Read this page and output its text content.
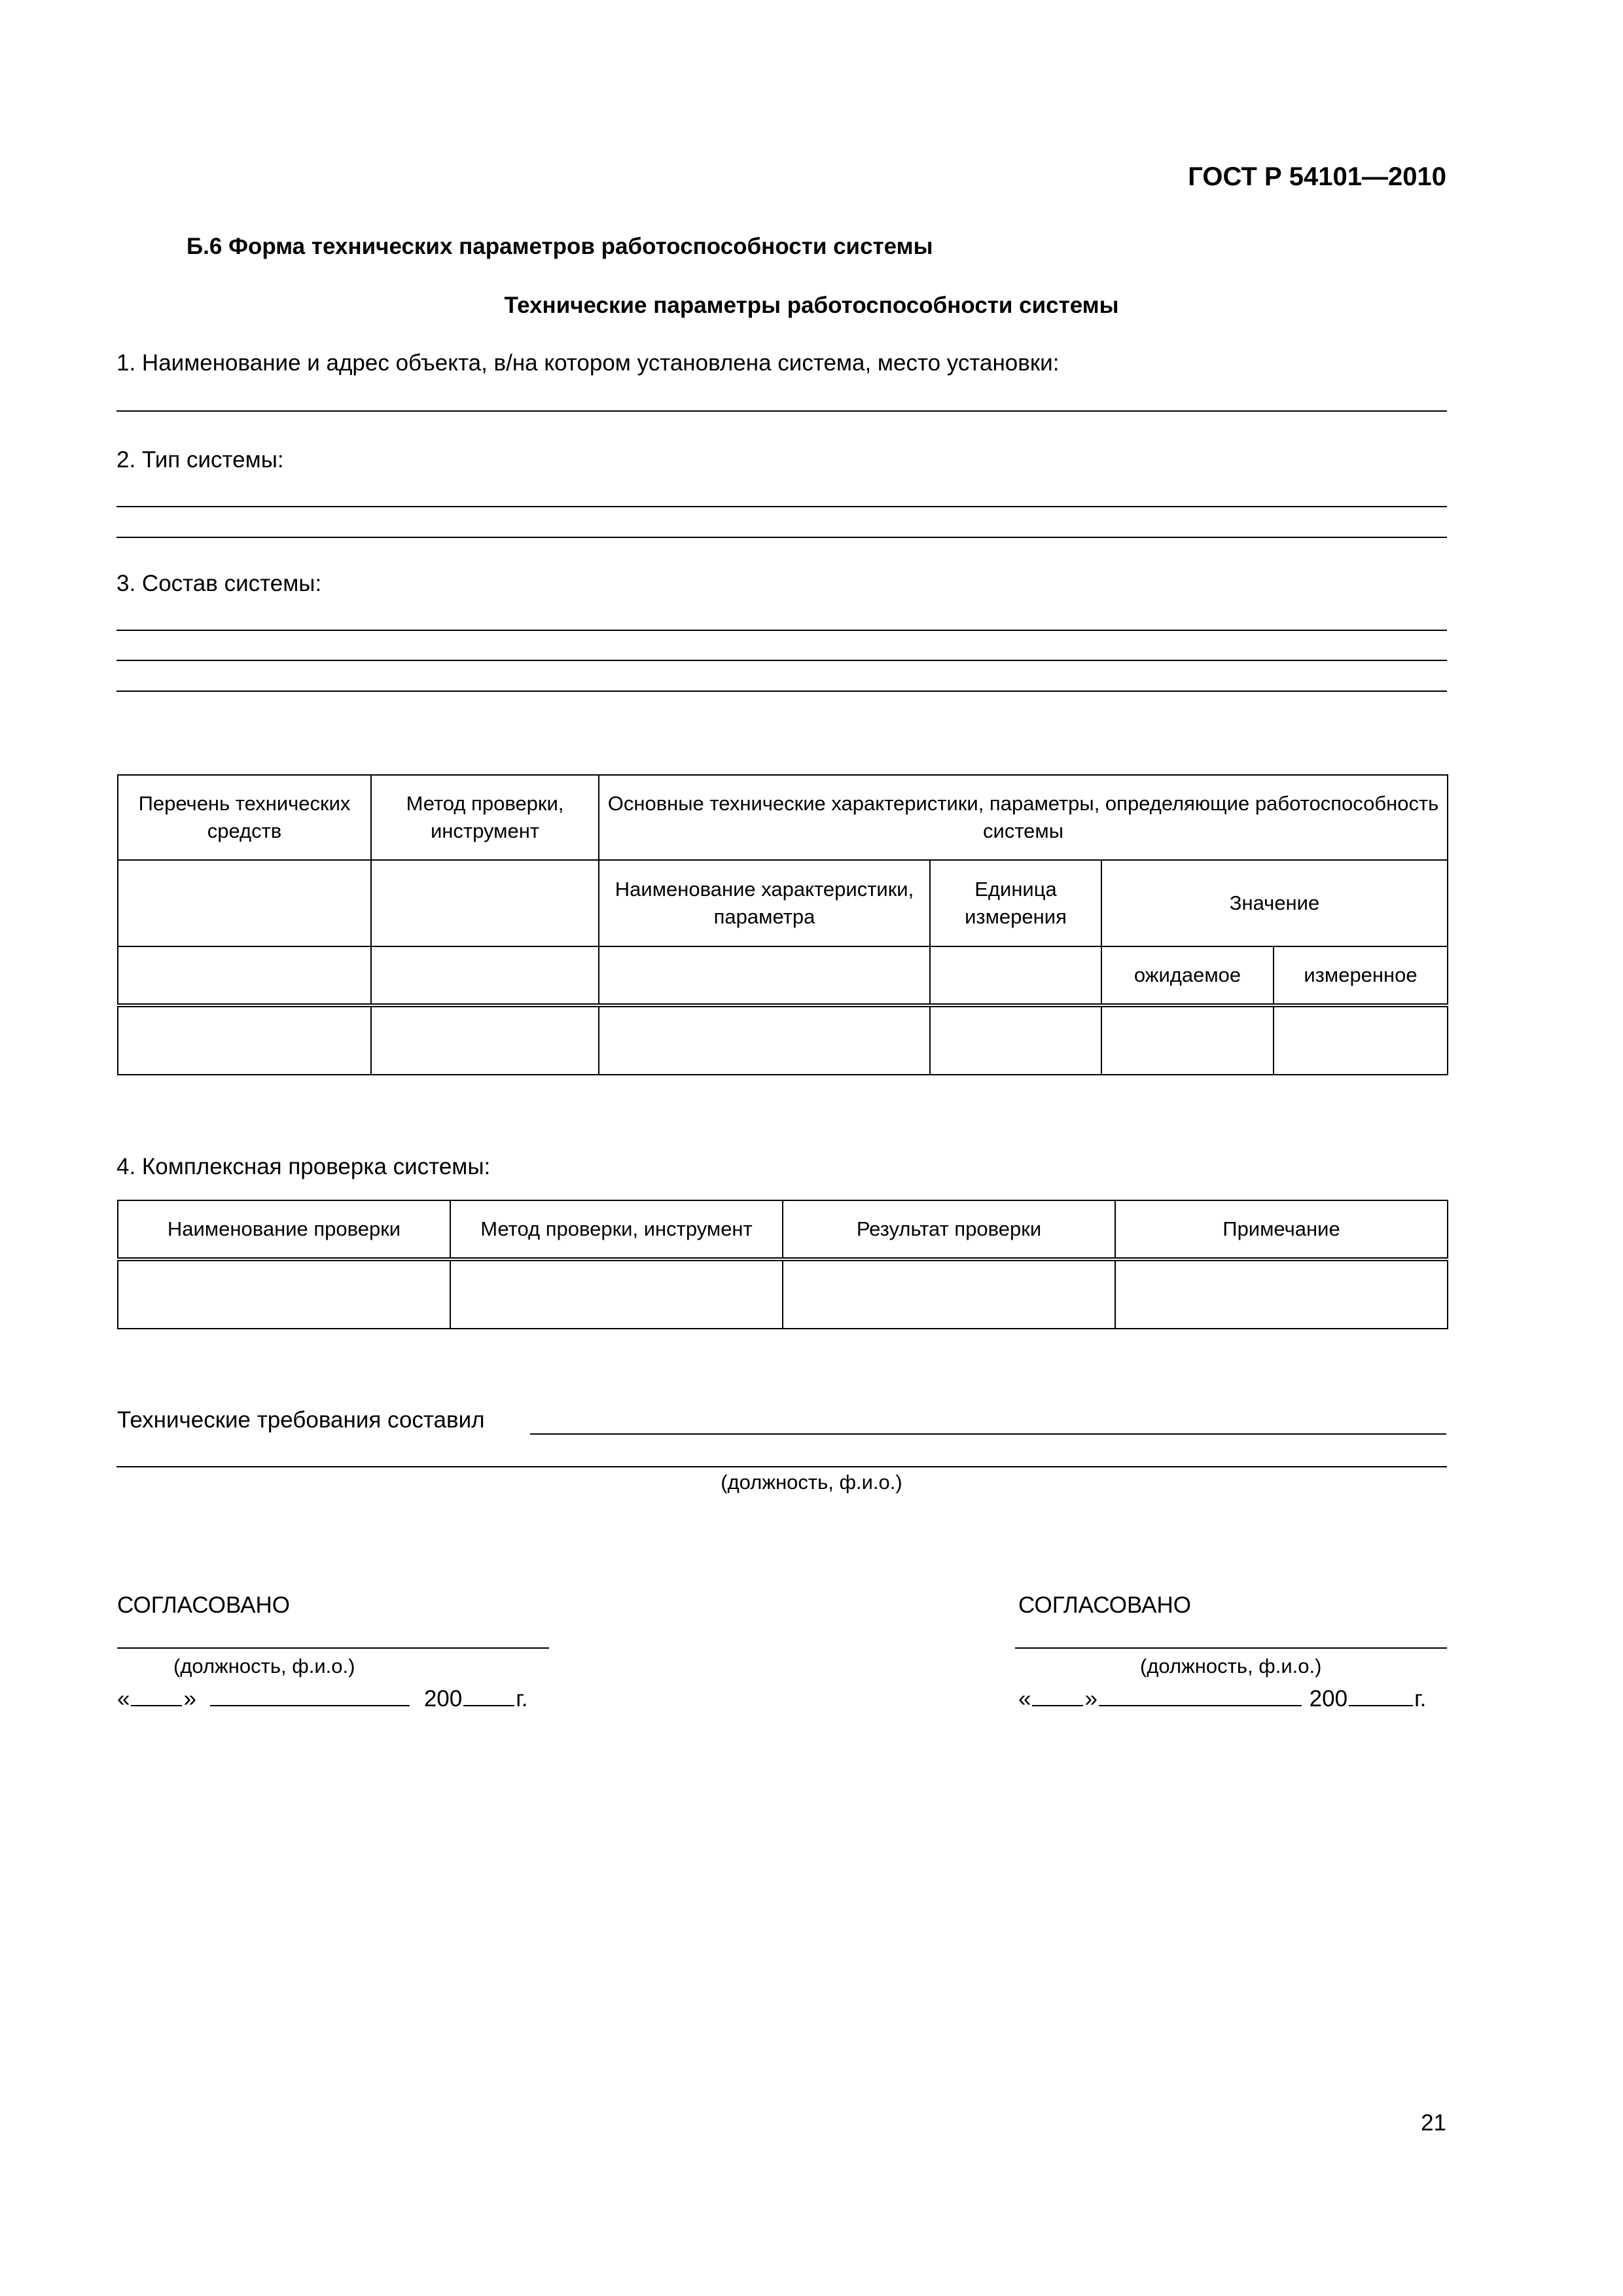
ГОСТ Р 54101—2010
Б.6 Форма технических параметров работоспособности системы
Технические параметры работоспособности системы
1. Наименование и адрес объекта, в/на котором установлена система, место установки:
2. Тип системы:
3. Состав системы:
Перечень технических средств	Метод проверки, инструмент	Основные технические характеристики, параметры, определяющие работоспособность системы			
		Наименование характеристики, параметра	Единица измерения	Значение	
				ожидаемое	измеренное

4. Комплексная проверка системы:
Наименование проверки	Метод проверки, инструмент	Результат проверки	Примечание

Технические требования составил
(должность, ф.и.о.)
СОГЛАСОВАНО
(должность, ф.и.о.)
« »	200 г.
СОГЛАСОВАНО
(должность, ф.и.о.)
« »	200	г.
21
